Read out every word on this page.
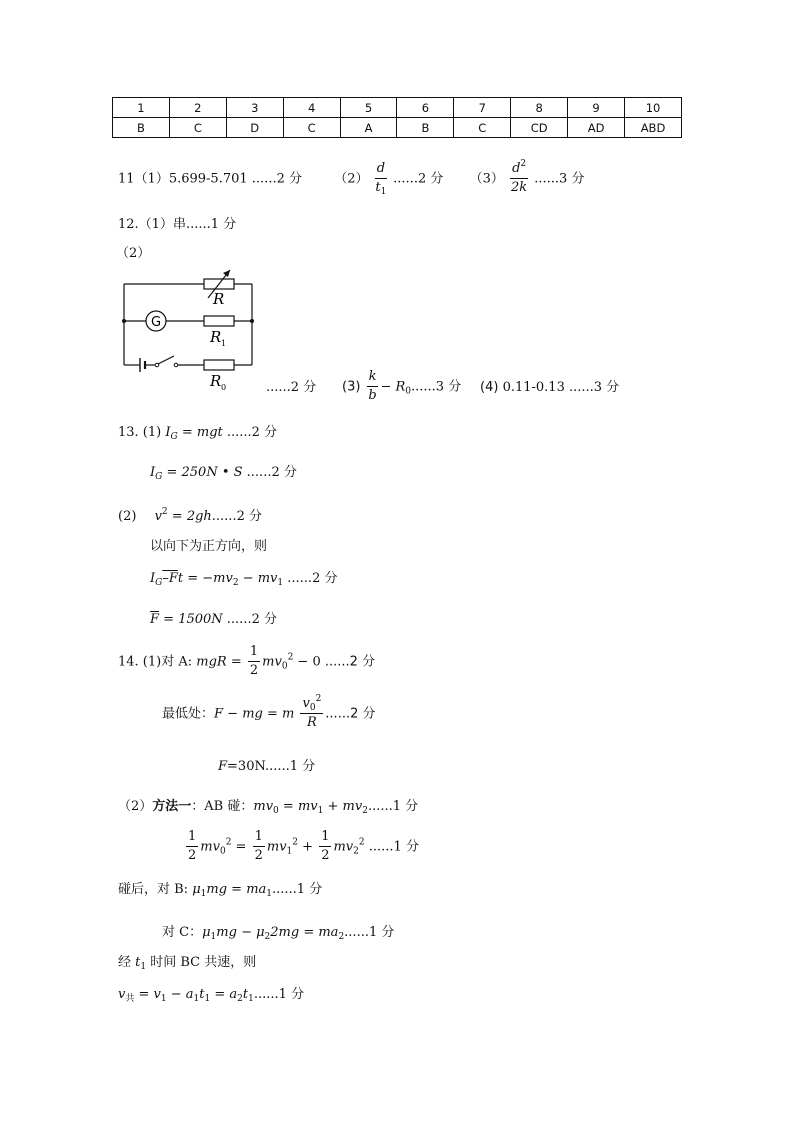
1	2	3	4	5	6	7	8	9	10
B	C	D	C	A	B	C	CD	AD	ABD
11（1）5.699-5.701 ......2 分 $(2) \frac{d}{t_1} ......2$ 分 $(3) \frac{d^2}{2k} ......3$ 分
12.（1）串......1 分
（2）
G
R
R 1
R 0	......2 分 $(3) \frac{k}{b} - R_0......3$ 分 (4) 0.11-0.13 ......3 分
13. (1) $I_G$ = mgt ......2 分
$I_G = 250N$ • S ......2 分
(2) $v^2 = 2gh......2$ 分
以向下为正方向，则
$I_G-Ft = -mv_2 - mv_1$ ......2 分
$\overline{F} = 1500N$ ......2 分
14. (1)对 A: mgR = $\frac{1}{2} mv_0^2 - 0$ ......2 分
最低处：F − mg = m $\frac{v_0^2}{R} ......2$ 分
F=30N......1 分
（2）方法一：AB 碰：$mv_0 = mv_1 + mv_2......1$ 分
$\frac{1}{2} mv_0^2 = \frac{1}{2} mv_1^2 + \frac{1}{2} mv_2^2$ ......1 分
碰后，对 B: $\mu_1mg = ma_1......1$ 分
对 C：$\mu_1mg - \mu_22mg = ma_2......1$ 分
经 $t_1$ 时间 BC 共速，则
$v_共 = v_1 - a_1t_1 = a_2t_1......1$ 分
